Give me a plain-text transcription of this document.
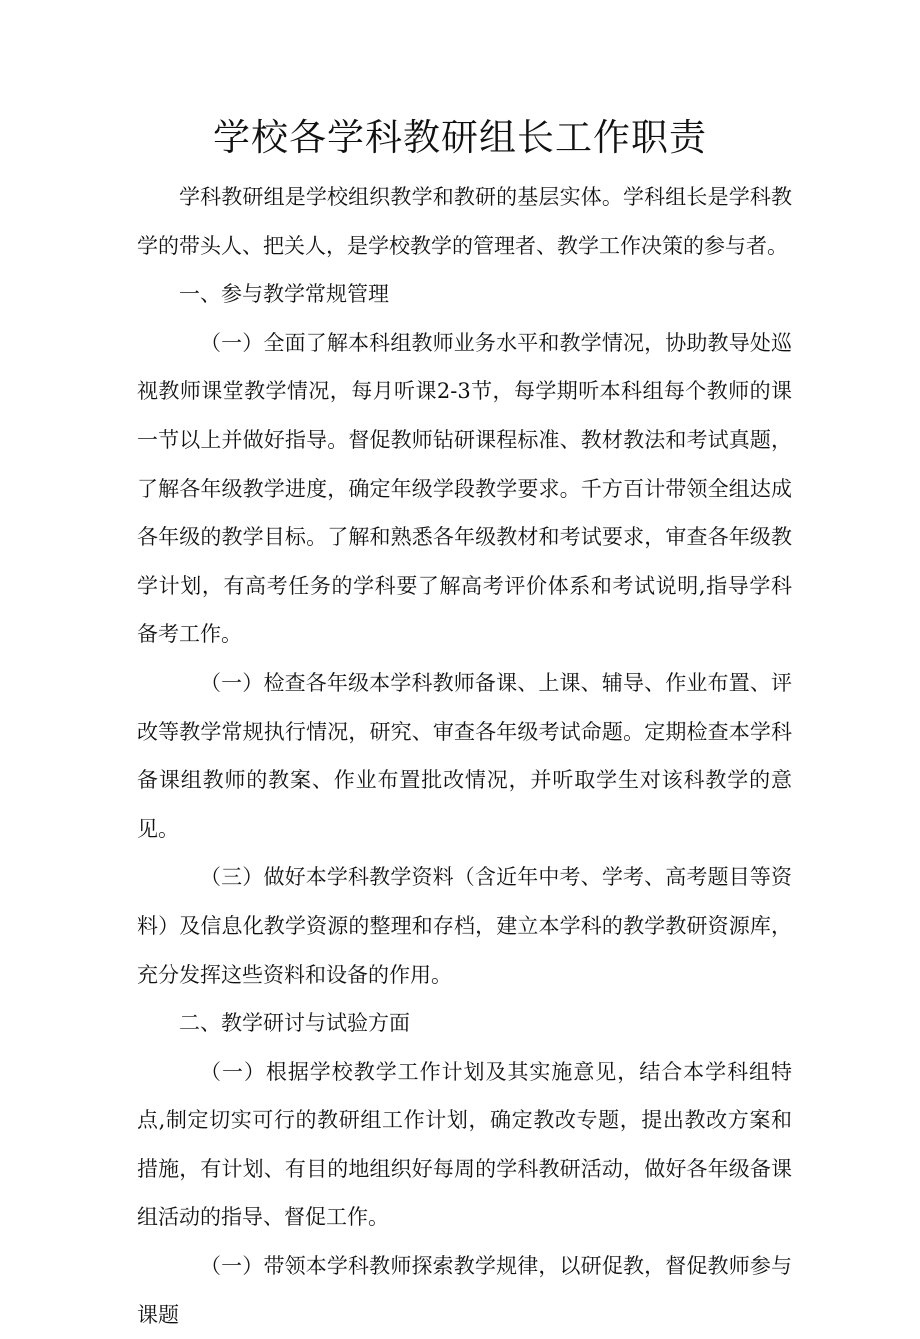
学校各学科教研组长工作职责

学科教研组是学校组织教学和教研的基层实体。学科组长是学科教学的带头人、把关人，是学校教学的管理者、教学工作决策的参与者。

一、参与教学常规管理

（一）全面了解本科组教师业务水平和教学情况，协助教导处巡视教师课堂教学情况，每月听课2-3节，每学期听本科组每个教师的课一节以上并做好指导。督促教师钻研课程标准、教材教法和考试真题，了解各年级教学进度，确定年级学段教学要求。千方百计带领全组达成各年级的教学目标。了解和熟悉各年级教材和考试要求，审查各年级教学计划，有高考任务的学科要了解高考评价体系和考试说明,指导学科备考工作。

（一）检查各年级本学科教师备课、上课、辅导、作业布置、评改等教学常规执行情况，研究、审查各年级考试命题。定期检查本学科备课组教师的教案、作业布置批改情况，并听取学生对该科教学的意见。

（三）做好本学科教学资料（含近年中考、学考、高考题目等资料）及信息化教学资源的整理和存档，建立本学科的教学教研资源库，充分发挥这些资料和设备的作用。

二、教学研讨与试验方面

（一）根据学校教学工作计划及其实施意见，结合本学科组特点,制定切实可行的教研组工作计划，确定教改专题，提出教改方案和措施，有计划、有目的地组织好每周的学科教研活动，做好各年级备课组活动的指导、督促工作。

（一）带领本学科教师探索教学规律，以研促教，督促教师参与课题
